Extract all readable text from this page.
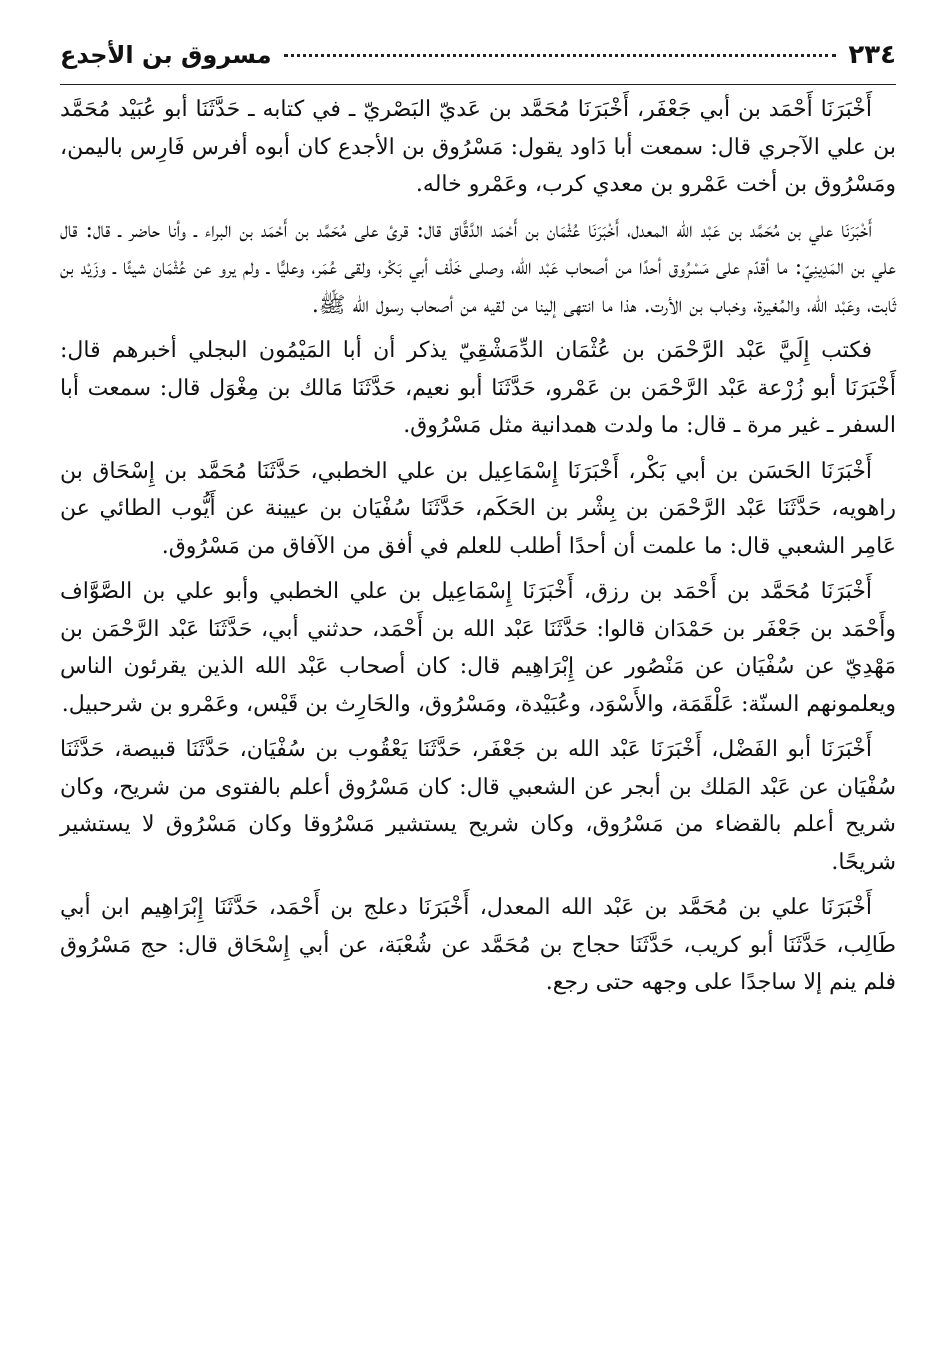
٢٣٤
مسروق بن الأجدع

أَخْبَرَنَا أَحْمَد بن أبي جَعْفَر، أَخْبَرَنَا مُحَمَّد بن عَديّ البَصْريّ ـ في كتابه ـ حَدَّثَنَا أبو عُبَيْد مُحَمَّد بن علي الآجري قال: سمعت أبا دَاود يقول: مَسْرُوق بن الأجدع كان أبوه أفرس فَارِس باليمن، ومَسْرُوق بن أخت عَمْرو بن معدي كرب، وعَمْرو خاله.

أَخْبَرَنَا علي بن مُحَمَّد بن عَبْد الله المعدل، أَخْبَرَنَا عُثْمَان بن أَحْمَد الدَّقَّاق قال: قرئ على مُحَمَّد بن أَحْمَد بن البراء ـ وأنا حاضر ـ قال: قال علي بن المَدِينِيّ: ما أقدّم على مَسْرُوق أحدًا من أصحاب عَبْد الله، وصلى خَلْف أبي بَكْر، ولقى عُمَر، وعليًّا ـ ولم يرو عن عُثْمَان شيئًا ـ وزَيْد بن ثَابت، وعَبْد الله، والمُغيرة، وخباب بن الأرت. هذا ما انتهى إلينا من لقيه من أصحاب رسول الله ﷺ.

فكتب إِلَيَّ عَبْد الرَّحْمَن بن عُثْمَان الدِّمَشْقِيّ يذكر أن أبا المَيْمُون البجلي أخبرهم قال: أَخْبَرَنَا أبو زُرْعة عَبْد الرَّحْمَن بن عَمْرو، حَدَّثَنَا أبو نعيم، حَدَّثَنَا مَالك بن مِغْوَل قال: سمعت أبا السفر ـ غير مرة ـ قال: ما ولدت همدانية مثل مَسْرُوق.

أَخْبَرَنَا الحَسَن بن أبي بَكْر، أَخْبَرَنَا إِسْمَاعِيل بن علي الخطبي، حَدَّثَنَا مُحَمَّد بن إِسْحَاق بن راهويه، حَدَّثَنَا عَبْد الرَّحْمَن بن بِشْر بن الحَكَم، حَدَّثَنَا سُفْيَان بن عيينة عن أَيُّوب الطائي عن عَامِر الشعبي قال: ما علمت أن أحدًا أطلب للعلم في أفق من الآفاق من مَسْرُوق.

أَخْبَرَنَا مُحَمَّد بن أَحْمَد بن رزق، أَخْبَرَنَا إِسْمَاعِيل بن علي الخطبي وأبو علي بن الصَّوَّاف وأَحْمَد بن جَعْفَر بن حَمْدَان قالوا: حَدَّثَنَا عَبْد الله بن أَحْمَد، حدثني أبي، حَدَّثَنَا عَبْد الرَّحْمَن بن مَهْدِيّ عن سُفْيَان عن مَنْصُور عن إِبْرَاهِيم قال: كان أصحاب عَبْد الله الذين يقرئون الناس ويعلمونهم السنّة: عَلْقَمَة، والأَسْوَد، وعُبَيْدة، ومَسْرُوق، والحَارِث بن قَيْس، وعَمْرو بن شرحبيل.

أَخْبَرَنَا أبو الفَضْل، أَخْبَرَنَا عَبْد الله بن جَعْفَر، حَدَّثَنَا يَعْقُوب بن سُفْيَان، حَدَّثَنَا قبيصة، حَدَّثَنَا سُفْيَان عن عَبْد المَلك بن أبجر عن الشعبي قال: كان مَسْرُوق أعلم بالفتوى من شريح، وكان شريح أعلم بالقضاء من مَسْرُوق، وكان شريح يستشير مَسْرُوقا وكان مَسْرُوق لا يستشير شريحًا.

أَخْبَرَنَا علي بن مُحَمَّد بن عَبْد الله المعدل، أَخْبَرَنَا دعلج بن أَحْمَد، حَدَّثَنَا إِبْرَاهِيم ابن أبي طَالِب، حَدَّثَنَا أبو كريب، حَدَّثَنَا حجاج بن مُحَمَّد عن شُعْبَة، عن أبي إِسْحَاق قال: حج مَسْرُوق فلم ينم إلا ساجدًا على وجهه حتى رجع.
